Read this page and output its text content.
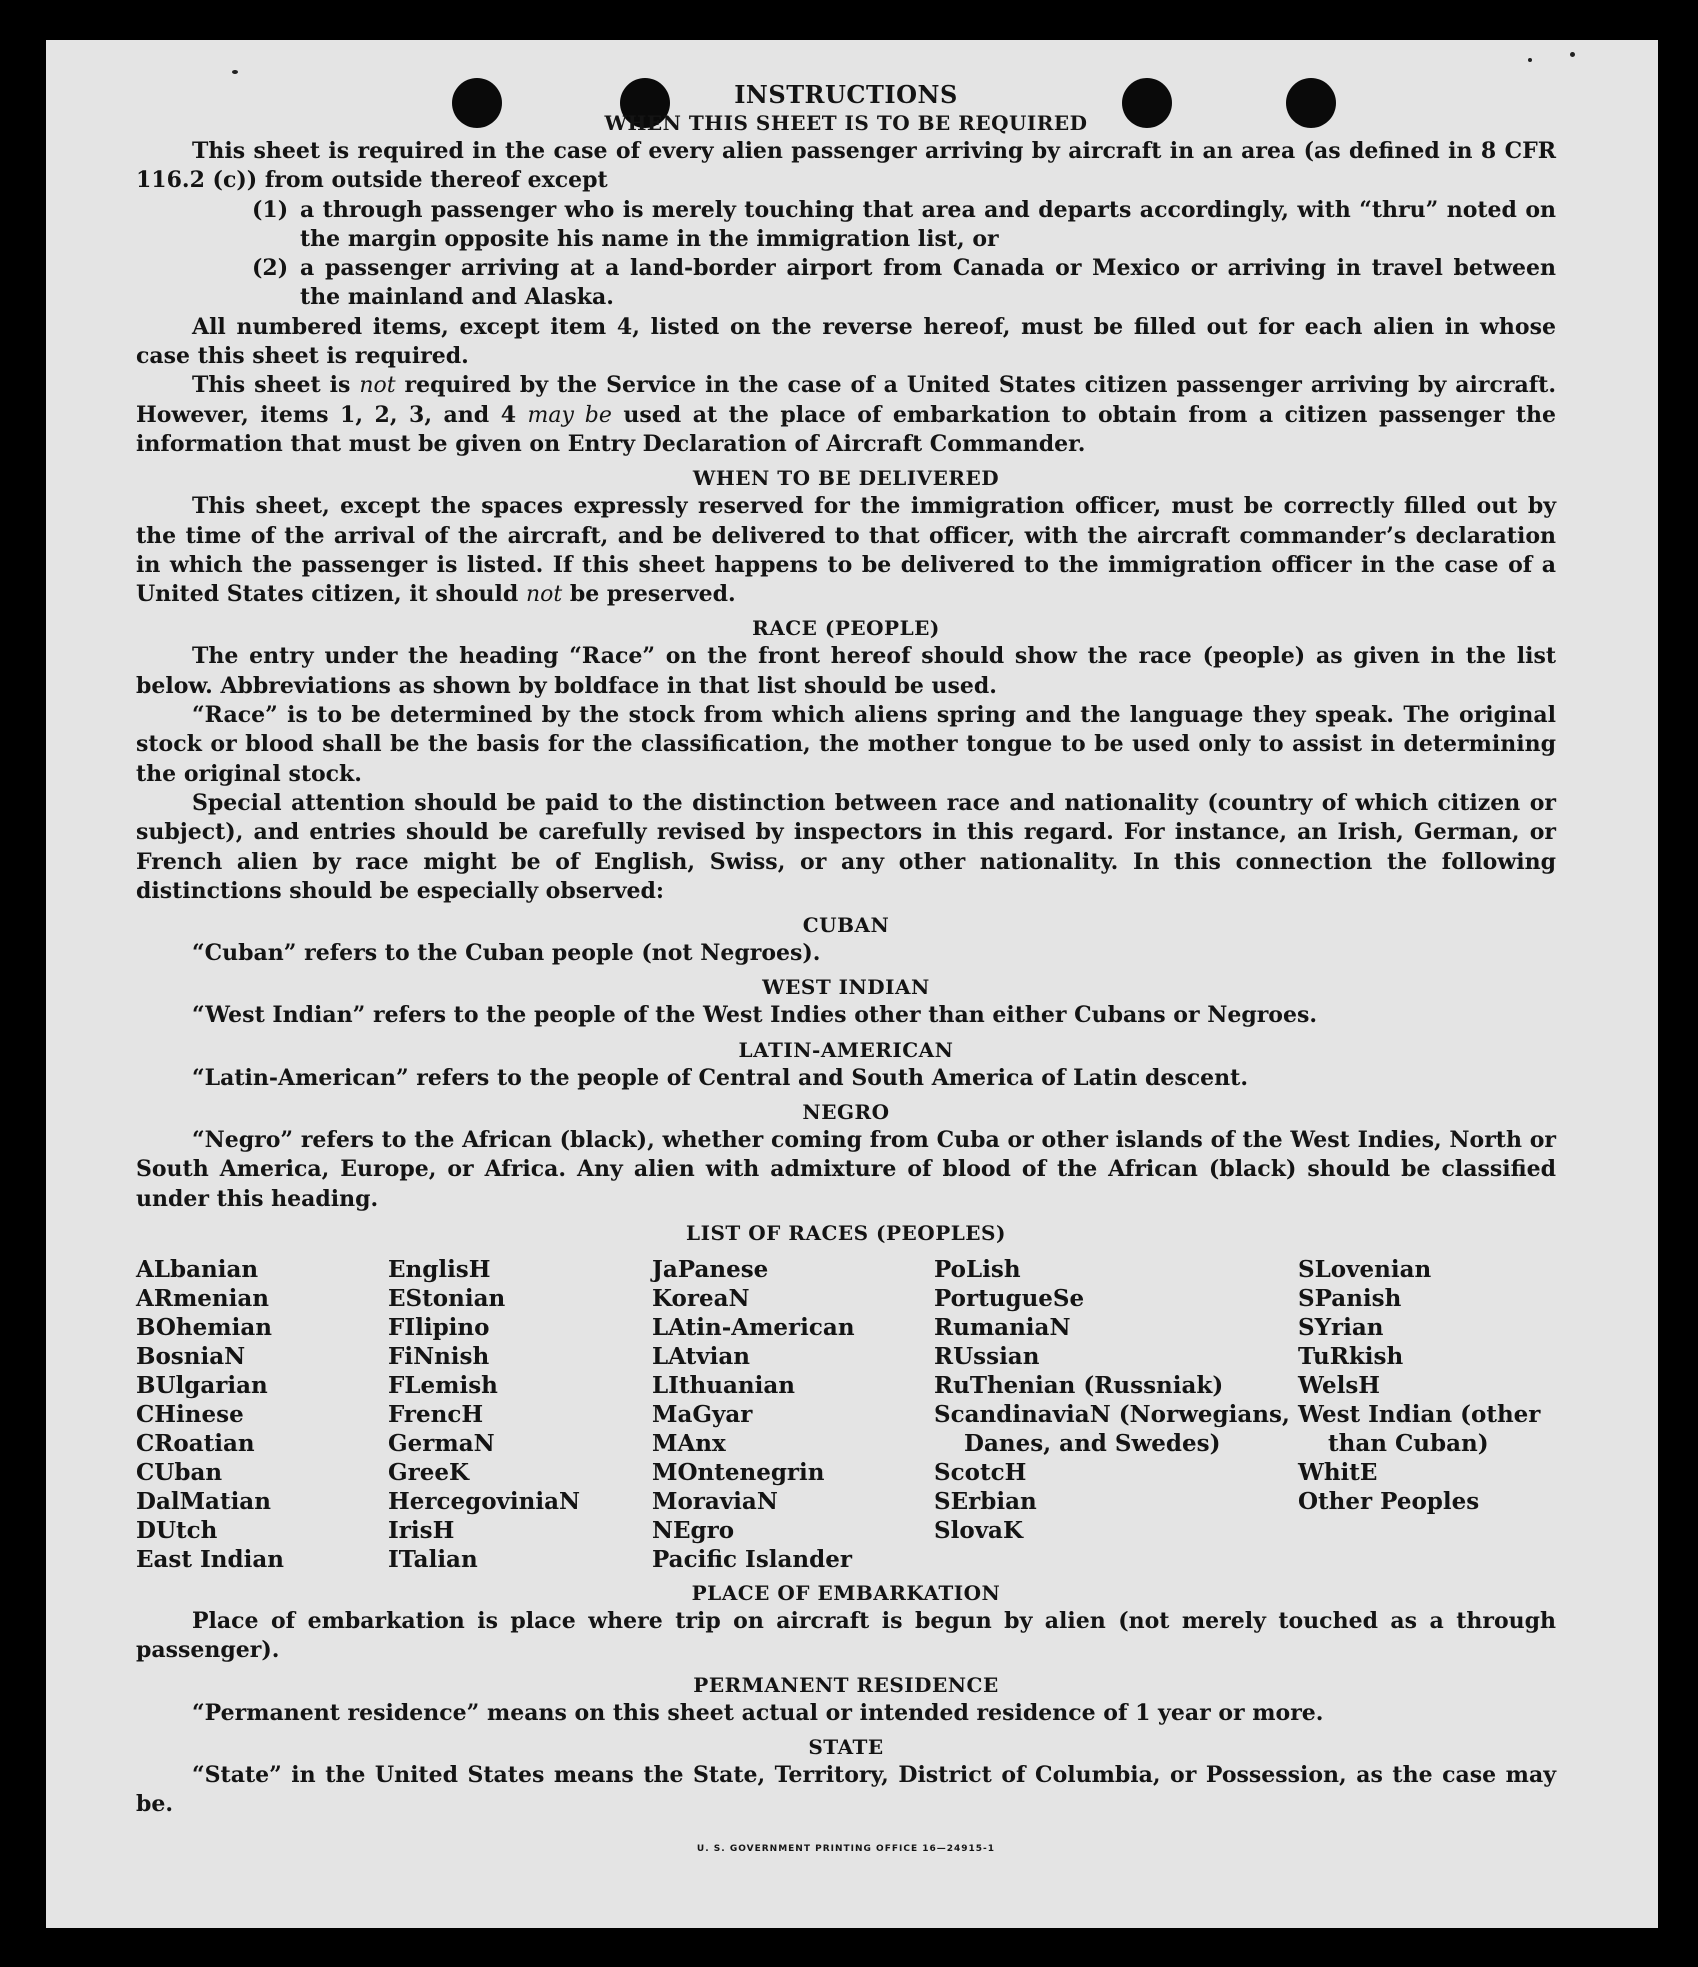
INSTRUCTIONS
WHEN THIS SHEET IS TO BE REQUIRED

This sheet is required in the case of every alien passenger arriving by aircraft in an area (as defined in 8 CFR 116.2 (c)) from outside thereof except

(1) a through passenger who is merely touching that area and departs accordingly, with “thru” noted on the margin opposite his name in the immigration list, or
(2) a passenger arriving at a land-border airport from Canada or Mexico or arriving in travel between the mainland and Alaska.

All numbered items, except item 4, listed on the reverse hereof, must be filled out for each alien in whose case this sheet is required.

This sheet is not required by the Service in the case of a United States citizen passenger arriving by aircraft. However, items 1, 2, 3, and 4 may be used at the place of embarkation to obtain from a citizen passenger the information that must be given on Entry Declaration of Aircraft Commander.

WHEN TO BE DELIVERED

This sheet, except the spaces expressly reserved for the immigration officer, must be correctly filled out by the time of the arrival of the aircraft, and be delivered to that officer, with the aircraft commander’s declaration in which the passenger is listed. If this sheet happens to be delivered to the immigration officer in the case of a United States citizen, it should not be preserved.

RACE (PEOPLE)

The entry under the heading “Race” on the front hereof should show the race (people) as given in the list below. Abbreviations as shown by boldface in that list should be used.

“Race” is to be determined by the stock from which aliens spring and the language they speak. The original stock or blood shall be the basis for the classification, the mother tongue to be used only to assist in determining the original stock.

Special attention should be paid to the distinction between race and nationality (country of which citizen or subject), and entries should be carefully revised by inspectors in this regard. For instance, an Irish, German, or French alien by race might be of English, Swiss, or any other nationality. In this connection the following distinctions should be especially observed:

CUBAN

“Cuban” refers to the Cuban people (not Negroes).

WEST INDIAN

“West Indian” refers to the people of the West Indies other than either Cubans or Negroes.

LATIN-AMERICAN

“Latin-American” refers to the people of Central and South America of Latin descent.

NEGRO

“Negro” refers to the African (black), whether coming from Cuba or other islands of the West Indies, North or South America, Europe, or Africa. Any alien with admixture of blood of the African (black) should be classified under this heading.

LIST OF RACES (PEOPLES)
ALbanian
ARmenian
BOhemian
BosniaN
BUlgarian
CHinese
CRoatian
CUban
DalMatian
DUtch
East Indian
EnglisH
EStonian
FIlipino
FiNnish
FLemish
FrencH
GermaN
GreeK
HercegoviniaN
IrisH
ITalian
JaPanese
KoreaN
LAtin-American
LAtvian
LIthuanian
MaGyar
MAnx
MOntenegrin
MoraviaN
NEgro
Pacific Islander
PoLish
PortugueSe
RumaniaN
RUssian
RuThenian (Russniak)
ScandinaviaN (Norwegians, Danes, and Swedes)
ScotcH
SErbian
SlovaK
SLovenian
SPanish
SYrian
TuRkish
WelsH
West Indian (other than Cuban)
WhitE
Other Peoples
PLACE OF EMBARKATION

Place of embarkation is place where trip on aircraft is begun by alien (not merely touched as a through passenger).

PERMANENT RESIDENCE

“Permanent residence” means on this sheet actual or intended residence of 1 year or more.

STATE

“State” in the United States means the State, Territory, District of Columbia, or Possession, as the case may be.

U. S. GOVERNMENT PRINTING OFFICE 16—24915-1
